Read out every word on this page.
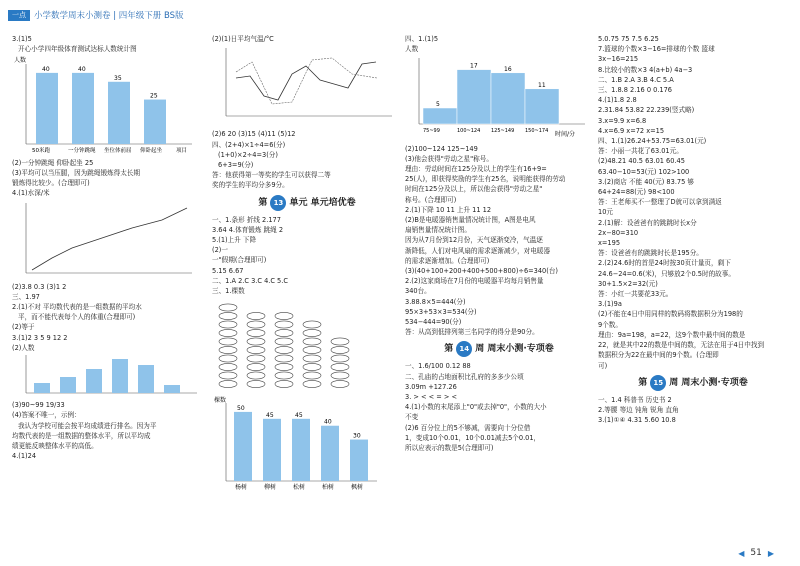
一点 小学数学周末小测卷 | 四年级下册 BS版

3.(1)5

开心小学四年级体育测试达标人数统计图

人数
40	40
35
25
50米跑	一分钟跳绳 坐位体前屈 仰卧起坐	项目

(2)一分钟跳绳 仰卧起坐 25

(3)平均可以当压腿，因为跳绳锻炼得太长期

锻炼得比较少。(合理即可)

4.(1)水深/米

(2)3.8 0.3 (3)1 2

三、1.97

2.(1)不对 平均数代表的是一组数据的平均水

平，而不能代表每个人的体重(合理即可)

(2)等于

3.(1)2 3 5 9 12 2

(2)人数

(3)90~99 19/33

(4)答案不唯一，示例：

我认为学校可能会按平均成绩进行排名。因为平

均数代表的是一组数据的整体水平，所以平均成

绩更能反映整体水平的高低。

4.(1)24

(2)(1)日平均气温/°C

(2)6 20 (3)15 (4)11 (5)12

四、(2+4)×1÷4=6(分)

(1+0)×2÷4=3(分)

6+3=9(分)

答：他获得第一等奖的学生可以获得二等

奖的学生的平均分多9分。

第 13 单元 单元培优卷

一、1.条形 折线 2.177

3.64 4.体育锻炼 跳绳 2

5.(1)上升 下降

(2)一

一"假期(合理即可)

5.15 6.67

二、1.A 2.C 3.C 4.C 5.C

三、1.棵数

棵数
50
杨树
45
柳树
45
松树
40
柏树
30
枫树

四、1.(1)5

人数

5
75~99
17
100~124
16
125~149
11
150~174 时间/分

(2)100~124 125~149

(3)他会获得"劳动之星"称号。

理由：劳动时间在125分及以上的学生有16+9=

25(人)，即获得奖励的学生有25名，说明能获得的劳动

时间在125分及以上，所以他会获得"劳动之星"

称号。(合理即可)

2.(1)下降 10 11 上升 11 12

(2)B是电暖器销售量情况统计图，A图是电风

扇销售量情况统计图。

因为从7月份到12月份，天气逐渐变冷，气温逐

渐降低，人们对电风扇的需求逐渐减少，对电暖器

的需求逐渐增加。(合理即可)

(3)(40+100+200+400+500+800)÷6=340(台)

2.(2)这家商场在7月份的电暖器平均每月销售量

340台。

3.88.8×5=444(分)

95×3+53×3=534(分)

534−444=90(分)

答：从高到低排列第三名同学的得分是90分。

第 14 周 周末小测·专项卷

一、1.6/100 0.12 88

二、孔庙的占地面积比孔府的多多少公顷

3.09m +127.26

3. > < < = > <

4.(1)小数的末尾添上"0"或去掉"0"，小数的大小

不变

(2)6 百分位上的5不够减，需要向十分位借

1，变成10个0.01，10个0.01减去5个0.01，

所以应表示的数是5(合理即可)

5.0.75 75 7.5 6.25

7.篮球的个数×3−16=排球的个数 篮球

3x−16=215

8.比较小的数×3 4(a+b) 4a−3

二、1.B 2.A 3.B 4.C 5.A

三、1.8.8 2.16 0 0.176

4.(1)1.8 2.8

2.31.84 53.82 22.239(竖式略)

3.x=9.9 x=6.8

4.x=6.9 x=72 x=15

四、1.(1)26.24+53.75=63.01(元)

答：小丽一共花了63.01元。

(2)48.21 40.5 63.01 60.45

63.40−10=53(元) 102>100

3.(2)商店 不能 40(元) 83.75 够

64+24=88(元) 98<100

答：王老师买不一整理了D就可以拿到满返

10元

2.(1)解：设爸爸有的跳跳时长x分

2x−80=310

x=195

答：设爸爸有的跳跳时长是195分。

2.(2)24.6时的首是24时按30页计量页，剩下

24.6−24=0.6(米)，只够放2个0.5时的故事。

30+1.5×2=32(元)

答：小红一共要花33元。

3.(1)9a

(2)不能在4日中用同样的数码将数据积分为198的

9个数。

理由：9a=198，a=22，这9个数中最中间的数是

22，就是其中22的数是中间的数，无法在用于4日中找到

数据积分为22在最中间的9个数。(合理即

可)

第 15 周 周末小测·专项卷

一、1.4 科普书 历史书 2

2.等腰 等边 钝角 锐角 直角

3.(1)①④ 4.31 5.60 10.8

◀ 51 ▶
